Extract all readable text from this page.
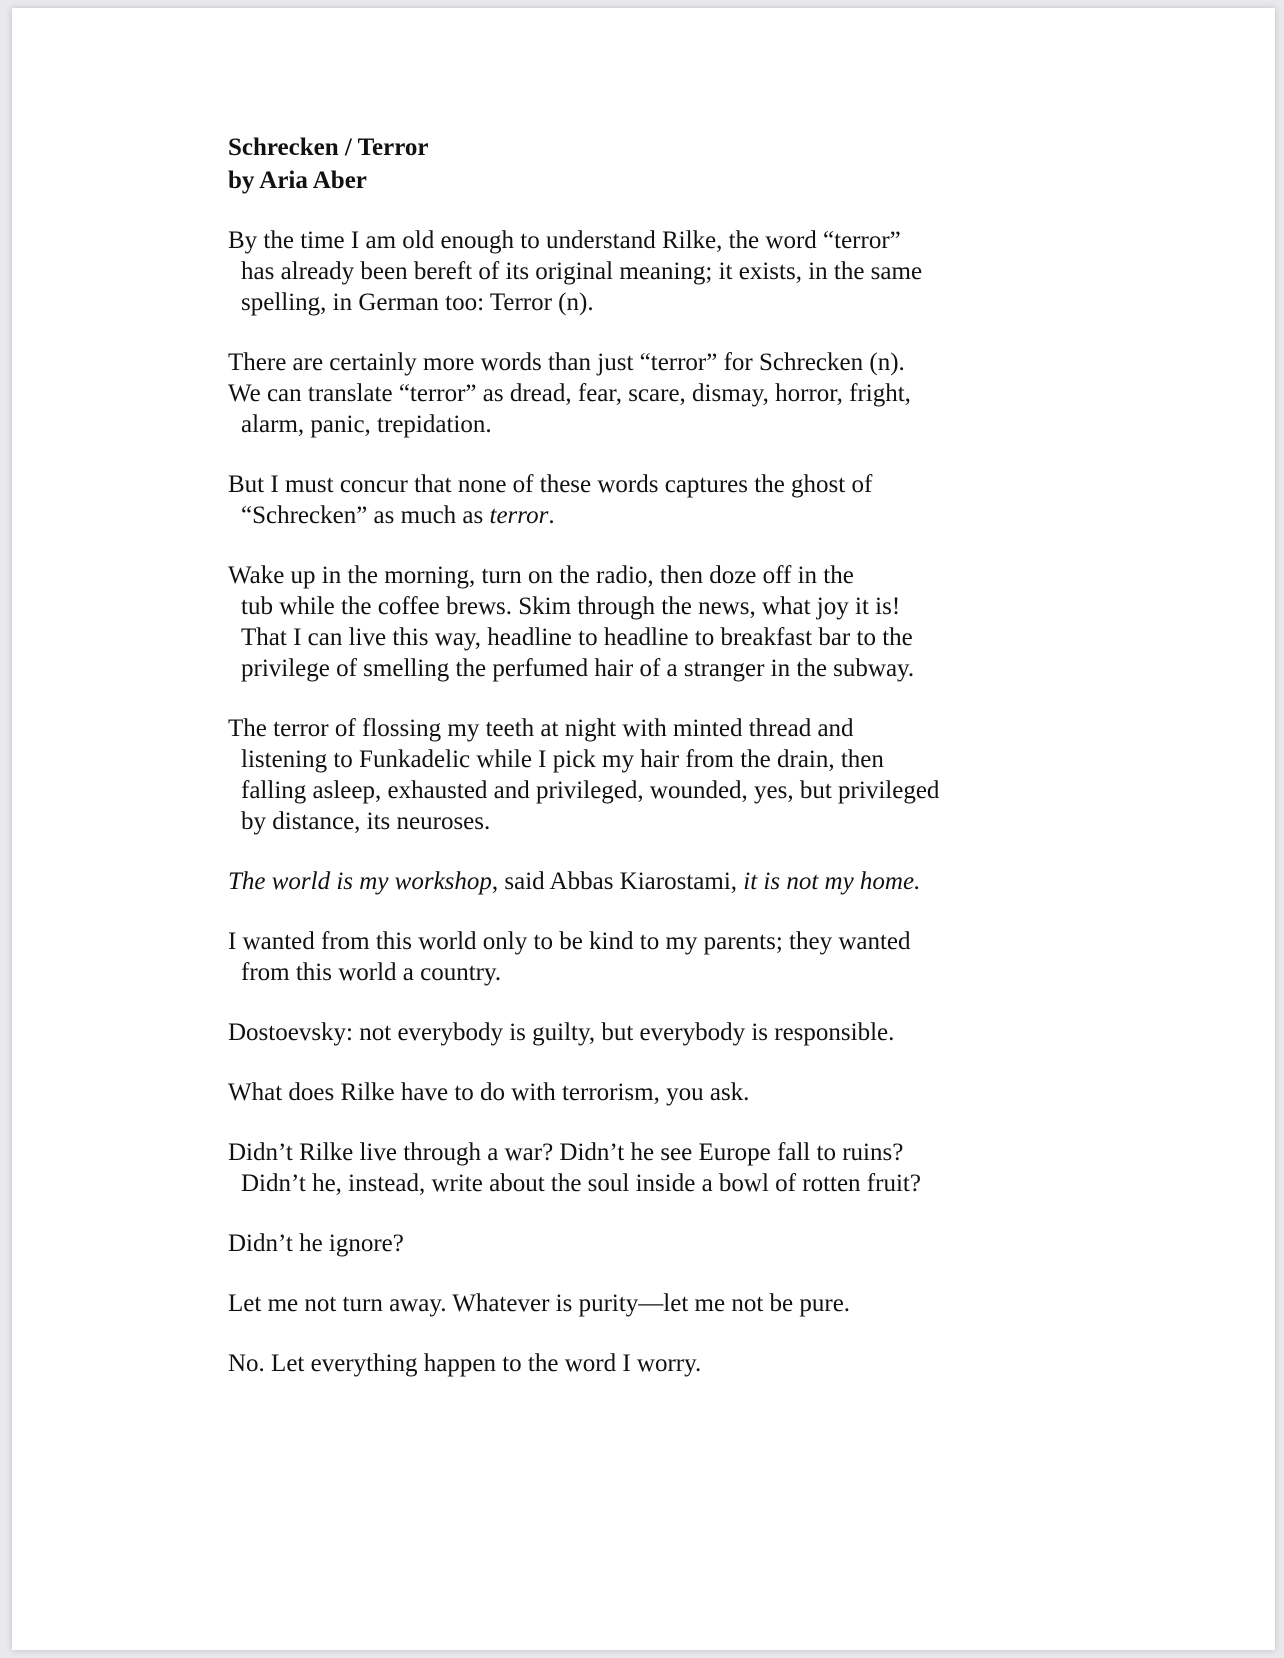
Schrecken / Terror
by Aria Aber
By the time I am old enough to understand Rilke, the word “terror”
has already been bereft of its original meaning; it exists, in the same
spelling, in German too: Terror (n).
There are certainly more words than just “terror” for Schrecken (n).
We can translate “terror” as dread, fear, scare, dismay, horror, fright,
alarm, panic, trepidation.
But I must concur that none of these words captures the ghost of
“Schrecken” as much as terror.
Wake up in the morning, turn on the radio, then doze off in the
tub while the coffee brews. Skim through the news, what joy it is!
That I can live this way, headline to headline to breakfast bar to the
privilege of smelling the perfumed hair of a stranger in the subway.
The terror of flossing my teeth at night with minted thread and
listening to Funkadelic while I pick my hair from the drain, then
falling asleep, exhausted and privileged, wounded, yes, but privileged
by distance, its neuroses.
The world is my workshop, said Abbas Kiarostami, it is not my home.
I wanted from this world only to be kind to my parents; they wanted
from this world a country.
Dostoevsky: not everybody is guilty, but everybody is responsible.
What does Rilke have to do with terrorism, you ask.
Didn’t Rilke live through a war? Didn’t he see Europe fall to ruins?
Didn’t he, instead, write about the soul inside a bowl of rotten fruit?
Didn’t he ignore?
Let me not turn away. Whatever is purity—let me not be pure.
No. Let everything happen to the word I worry.
